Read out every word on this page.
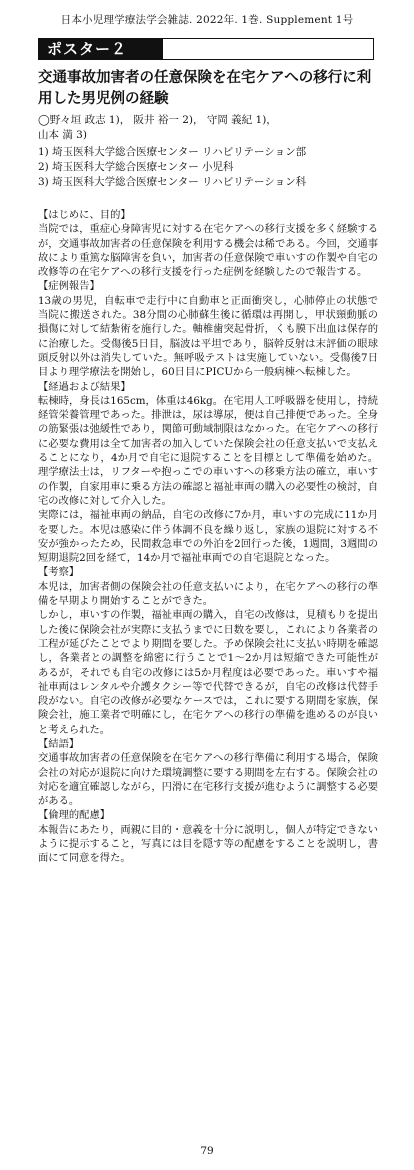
日本小児理学療法学会雑誌. 2022年. 1巻. Supplement 1号
ポスター２
交通事故加害者の任意保険を在宅ケアへの移行に利用した男児例の経験
◯野々垣 政志 1)， 阪井 裕一 2)， 守岡 義紀 1)，
山本 満 3)
1) 埼玉医科大学総合医療センター リハビリテーション部
2) 埼玉医科大学総合医療センター 小児科
3) 埼玉医科大学総合医療センター リハビリテーション科
【はじめに、目的】
当院では，重症心身障害児に対する在宅ケアへの移行支援を多く経験するが，交通事故加害者の任意保険を利用する機会は稀である。今回，交通事故により重篤な脳障害を負い，加害者の任意保険で車いすの作製や自宅の改修等の在宅ケアへの移行支援を行った症例を経験したので報告する。
【症例報告】
13歳の男児，自転車で走行中に自動車と正面衝突し，心肺停止の状態で当院に搬送された。38分間の心肺蘇生後に循環は再開し，甲状頸動脈の損傷に対して結紮術を施行した。軸椎歯突起骨折，くも膜下出血は保存的に治療した。受傷後5日目，脳波は平坦であり，脳幹反射は末評価の眼球頭反射以外は消失していた。無呼吸テストは実施していない。受傷後7日目より理学療法を開始し，60日目にPICUから一般病棟へ転棟した。
【経過および結果】
転棟時，身長は165cm，体重は46kg。在宅用人工呼吸器を使用し，持続経管栄養管理であった。排泄は，尿は導尿，便は自己排便であった。全身の筋緊張は弛緩性であり，関節可動域制限はなかった。在宅ケアへの移行に必要な費用は全て加害者の加入していた保険会社の任意支払いで支払えることになり，4か月で自宅に退院することを目標として準備を始めた。理学療法士は，リフターや抱っこでの車いすへの移乗方法の確立，車いすの作製，自家用車に乗る方法の確認と福祉車両の購入の必要性の検討，自宅の改修に対して介入した。
実際には，福祉車両の納品，自宅の改修に7か月，車いすの完成に11か月を要した。本児は感染に伴う体調不良を繰り返し，家族の退院に対する不安が強かったため，民間救急車での外泊を2回行った後，1週間，3週間の短期退院2回を経て，14か月で福祉車両での自宅退院となった。
【考察】
本児は，加害者側の保険会社の任意支払いにより，在宅ケアへの移行の準備を早期より開始することができた。
しかし，車いすの作製，福祉車両の購入，自宅の改修は，見積もりを提出した後に保険会社が実際に支払うまでに日数を要し，これにより各業者の工程が延びたことでより期間を要した。予め保険会社に支払い時期を確認し，各業者との調整を綿密に行うことで1〜2か月は短縮できた可能性があるが，それでも自宅の改修には5か月程度は必要であった。車いすや福祉車両はレンタルや介護タクシー等で代替できるが，自宅の改修は代替手段がない。自宅の改修が必要なケースでは，これに要する期間を家族，保険会社，施工業者で明確にし，在宅ケアへの移行の準備を進めるのが良いと考えられた。
【結語】
交通事故加害者の任意保険を在宅ケアへの移行準備に利用する場合，保険会社の対応が退院に向けた環境調整に要する期間を左右する。保険会社の対応を適宜確認しながら，円滑に在宅移行支援が進むように調整する必要がある。
【倫理的配慮】
本報告にあたり，両親に目的・意義を十分に説明し，個人が特定できないように提示すること，写真には目を隠す等の配慮をすることを説明し，書面にて同意を得た。
79
